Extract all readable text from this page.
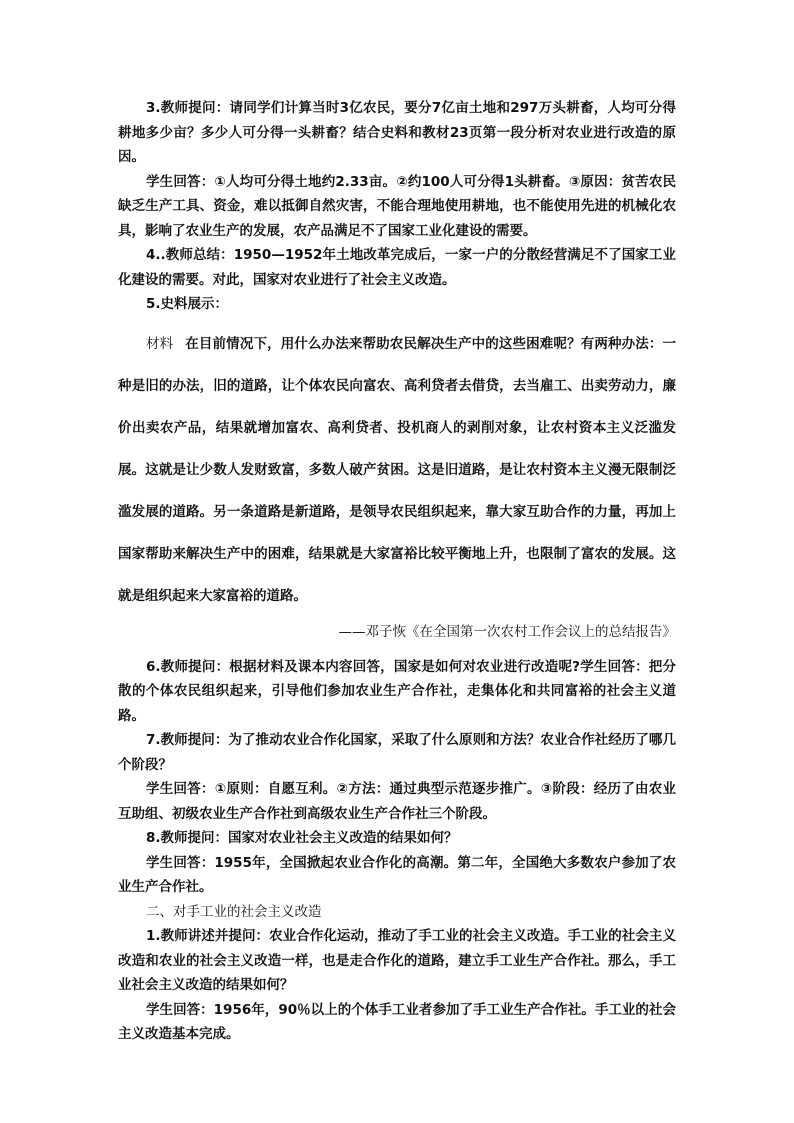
3.教师提问：请同学们计算当时3亿农民，要分7亿亩土地和297万头耕畜，人均可分得耕地多少亩？多少人可分得一头耕畜？结合史料和教材23页第一段分析对农业进行改造的原因。

学生回答：①人均可分得土地约2.33亩。②约100人可分得1头耕畜。③原因：贫苦农民缺乏生产工具、资金，难以抵御自然灾害，不能合理地使用耕地，也不能使用先进的机械化农具，影响了农业生产的发展，农产品满足不了国家工业化建设的需要。

4..教师总结：1950—1952年土地改革完成后，一家一户的分散经营满足不了国家工业化建设的需要。对此，国家对农业进行了社会主义改造。

5.史料展示：

材料 在目前情况下，用什么办法来帮助农民解决生产中的这些困难呢？有两种办法：一种是旧的办法，旧的道路，让个体农民向富农、高利贷者去借贷，去当雇工、出卖劳动力，廉价出卖农产品，结果就增加富农、高利贷者、投机商人的剥削对象，让农村资本主义泛滥发展。这就是让少数人发财致富，多数人破产贫困。这是旧道路，是让农村资本主义漫无限制泛滥发展的道路。另一条道路是新道路，是领导农民组织起来，靠大家互助合作的力量，再加上国家帮助来解决生产中的困难，结果就是大家富裕比较平衡地上升，也限制了富农的发展。这就是组织起来大家富裕的道路。

——邓子恢《在全国第一次农村工作会议上的总结报告》

6.教师提问：根据材料及课本内容回答，国家是如何对农业进行改造呢?学生回答：把分散的个体农民组织起来，引导他们参加农业生产合作社，走集体化和共同富裕的社会主义道路。

7.教师提问：为了推动农业合作化国家，采取了什么原则和方法？农业合作社经历了哪几个阶段？

学生回答：①原则：自愿互利。②方法：通过典型示范逐步推广。③阶段：经历了由农业互助组、初级农业生产合作社到高级农业生产合作社三个阶段。

8.教师提问：国家对农业社会主义改造的结果如何？

学生回答：1955年，全国掀起农业合作化的高潮。第二年，全国绝大多数农户参加了农业生产合作社。

二、对手工业的社会主义改造

1.教师讲述并提问：农业合作化运动，推动了手工业的社会主义改造。手工业的社会主义改造和农业的社会主义改造一样，也是走合作化的道路，建立手工业生产合作社。那么，手工业社会主义改造的结果如何？

学生回答：1956年，90％以上的个体手工业者参加了手工业生产合作社。手工业的社会主义改造基本完成。
